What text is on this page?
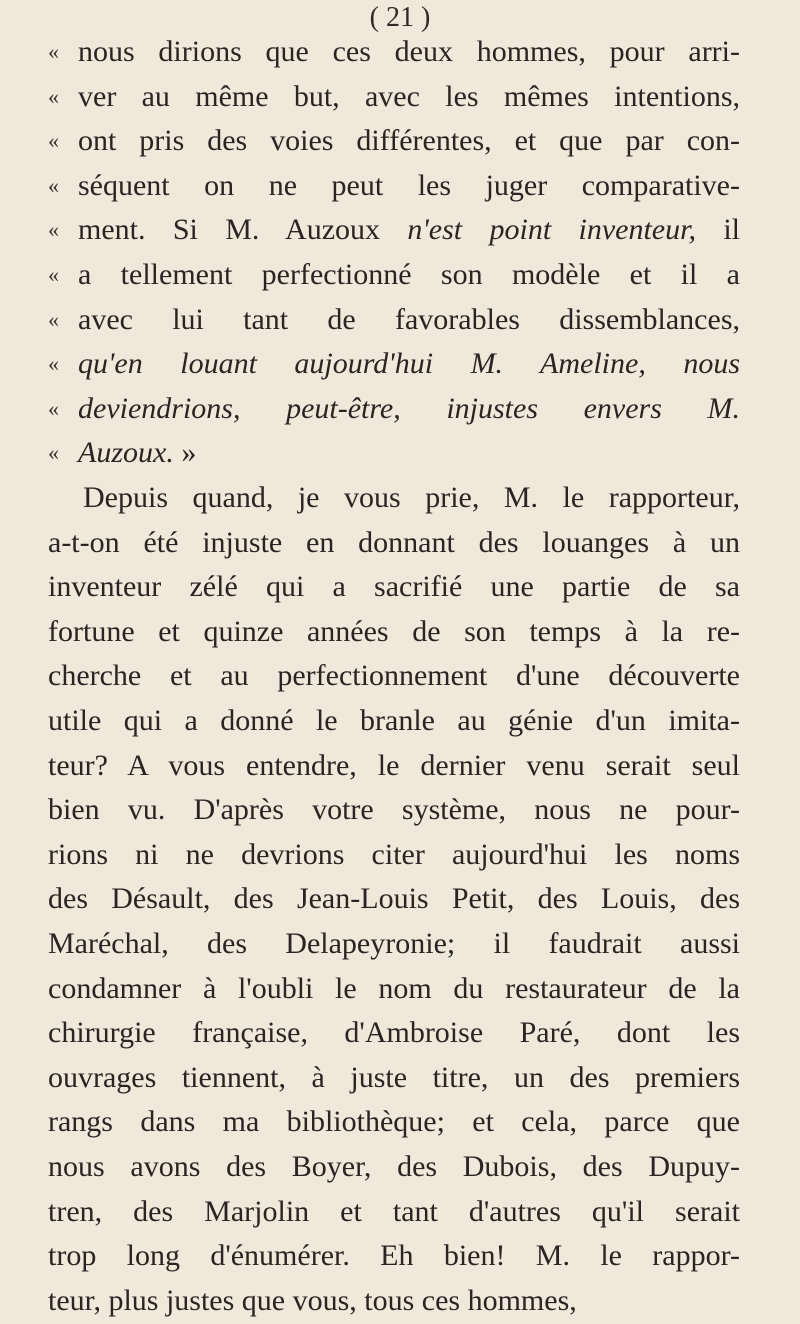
( 21 )
« nous dirions que ces deux hommes, pour arri-
« ver au même but, avec les mêmes intentions,
« ont pris des voies différentes, et que par con-
« séquent on ne peut les juger comparative-
« ment. Si M. Auzoux n'est point inventeur, il
« a tellement perfectionné son modèle et il a
« avec lui tant de favorables dissemblances,
« qu'en louant aujourd'hui M. Ameline, nous
« deviendrions, peut-être, injustes envers M.
« Auzoux. »
Depuis quand, je vous prie, M. le rapporteur,
a-t-on été injuste en donnant des louanges à un
inventeur zélé qui a sacrifié une partie de sa
fortune et quinze années de son temps à la re-
cherche et au perfectionnement d'une découverte
utile qui a donné le branle au génie d'un imita-
teur? A vous entendre, le dernier venu serait seul
bien vu. D'après votre système, nous ne pour-
rions ni ne devrions citer aujourd'hui les noms
des Désault, des Jean-Louis Petit, des Louis, des
Maréchal, des Delapeyronie; il faudrait aussi
condamner à l'oubli le nom du restaurateur de la
chirurgie française, d'Ambroise Paré, dont les
ouvrages tiennent, à juste titre, un des premiers
rangs dans ma bibliothèque; et cela, parce que
nous avons des Boyer, des Dubois, des Dupuy-
tren, des Marjolin et tant d'autres qu'il serait
trop long d'énumérer. Eh bien! M. le rappor-
teur, plus justes que vous, tous ces hommes,
